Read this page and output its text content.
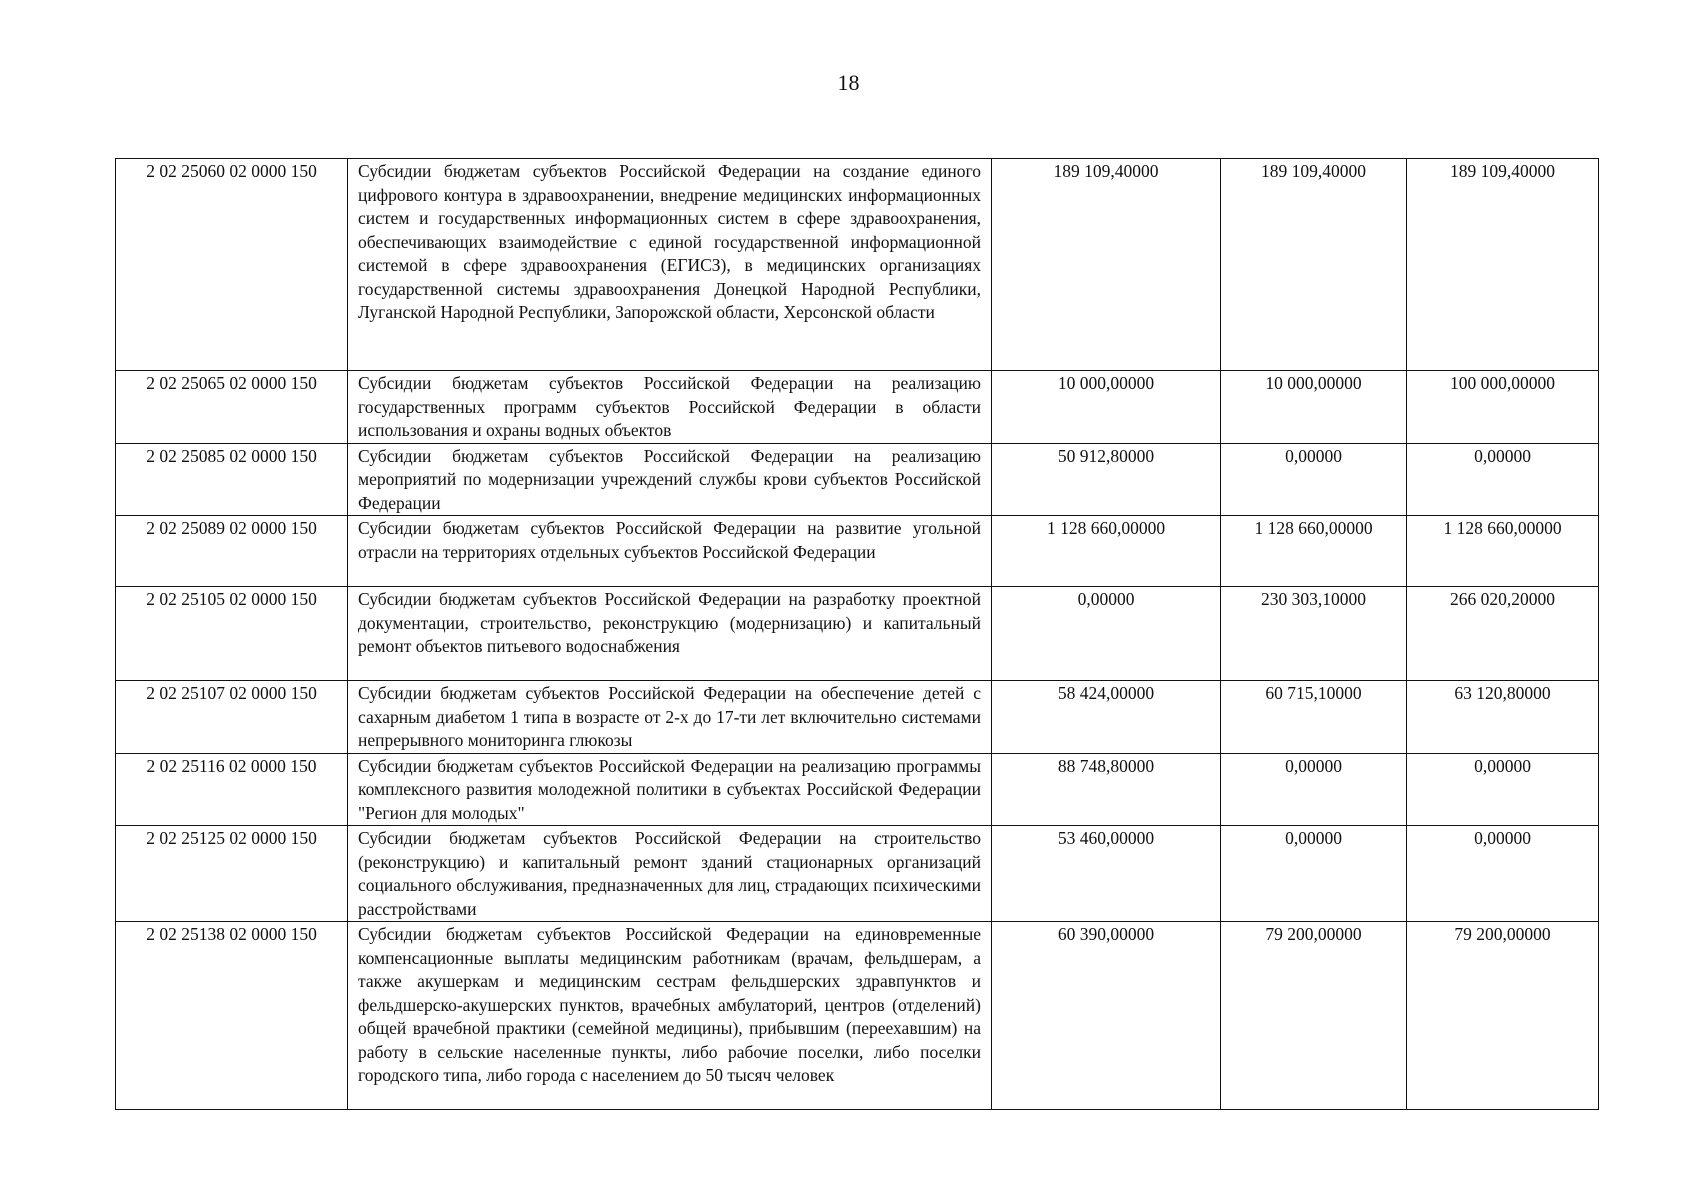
18
2 02 25060 02 0000 150	Субсидии бюджетам субъектов Российской Федерации на создание единого цифрового контура в здравоохранении, внедрение медицинских информационных систем и государственных информационных систем в сфере здравоохранения, обеспечивающих взаимодействие с единой государственной информационной системой в сфере здравоохранения (ЕГИСЗ), в медицинских организациях государственной системы здравоохранения Донецкой Народной Республики, Луганской Народной Республики, Запорожской области, Херсонской области	189 109,40000	189 109,40000	189 109,40000
2 02 25065 02 0000 150	Субсидии бюджетам субъектов Российской Федерации на реализацию государственных программ субъектов Российской Федерации в области использования и охраны водных объектов	10 000,00000	10 000,00000	100 000,00000
2 02 25085 02 0000 150	Субсидии бюджетам субъектов Российской Федерации на реализацию мероприятий по модернизации учреждений службы крови субъектов Российской Федерации	50 912,80000	0,00000	0,00000
2 02 25089 02 0000 150	Субсидии бюджетам субъектов Российской Федерации на развитие угольной отрасли на территориях отдельных субъектов Российской Федерации	1 128 660,00000	1 128 660,00000	1 128 660,00000
2 02 25105 02 0000 150	Субсидии бюджетам субъектов Российской Федерации на разработку проектной документации, строительство, реконструкцию (модернизацию) и капитальный ремонт объектов питьевого водоснабжения	0,00000	230 303,10000	266 020,20000
2 02 25107 02 0000 150	Субсидии бюджетам субъектов Российской Федерации на обеспечение детей с сахарным диабетом 1 типа в возрасте от 2-х до 17-ти лет включительно системами непрерывного мониторинга глюкозы	58 424,00000	60 715,10000	63 120,80000
2 02 25116 02 0000 150	Субсидии бюджетам субъектов Российской Федерации на реализацию программы комплексного развития молодежной политики в субъектах Российской Федерации "Регион для молодых"	88 748,80000	0,00000	0,00000
2 02 25125 02 0000 150	Субсидии бюджетам субъектов Российской Федерации на строительство (реконструкцию) и капитальный ремонт зданий стационарных организаций социального обслуживания, предназначенных для лиц, страдающих психическими расстройствами	53 460,00000	0,00000	0,00000
2 02 25138 02 0000 150	Субсидии бюджетам субъектов Российской Федерации на единовременные компенсационные выплаты медицинским работникам (врачам, фельдшерам, а также акушеркам и медицинским сестрам фельдшерских здравпунктов и фельдшерско-акушерских пунктов, врачебных амбулаторий, центров (отделений) общей врачебной практики (семейной медицины), прибывшим (переехавшим) на работу в сельские населенные пункты, либо рабочие поселки, либо поселки городского типа, либо города с населением до 50 тысяч человек	60 390,00000	79 200,00000	79 200,00000
